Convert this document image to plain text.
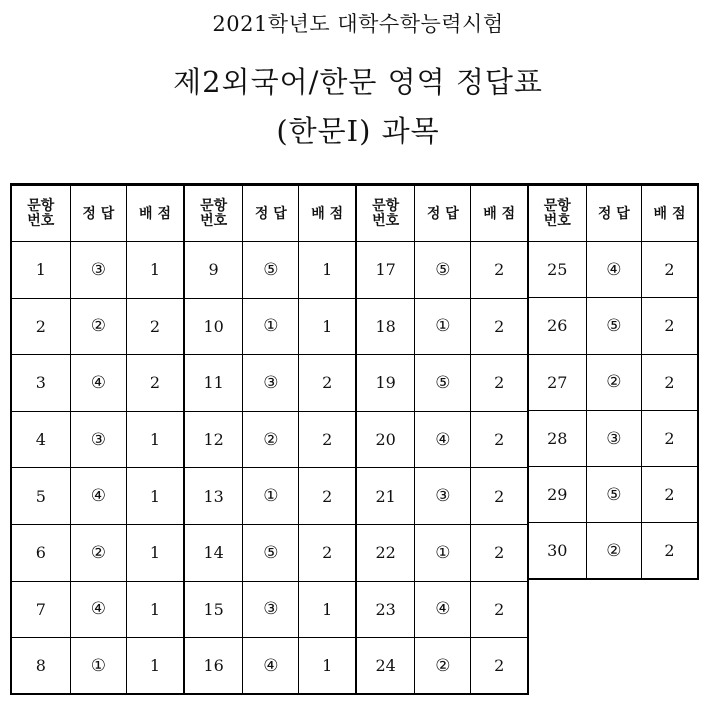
2021학년도 대학수학능력시험
제2외국어/한문 영역 정답표
(한문Ⅰ) 과목
문항
번호	정 답	배 점
1	③	1
2	②	2
3	④	2
4	③	1
5	④	1
6	②	1
7	④	1
8	①	1
문항
번호	정 답	배 점
9	⑤	1
10	①	1
11	③	2
12	②	2
13	①	2
14	⑤	2
15	③	1
16	④	1
문항
번호	정 답	배 점
17	⑤	2
18	①	2
19	⑤	2
20	④	2
21	③	2
22	①	2
23	④	2
24	②	2
문항
번호	정 답	배 점
25	④	2
26	⑤	2
27	②	2
28	③	2
29	⑤	2
30	②	2
